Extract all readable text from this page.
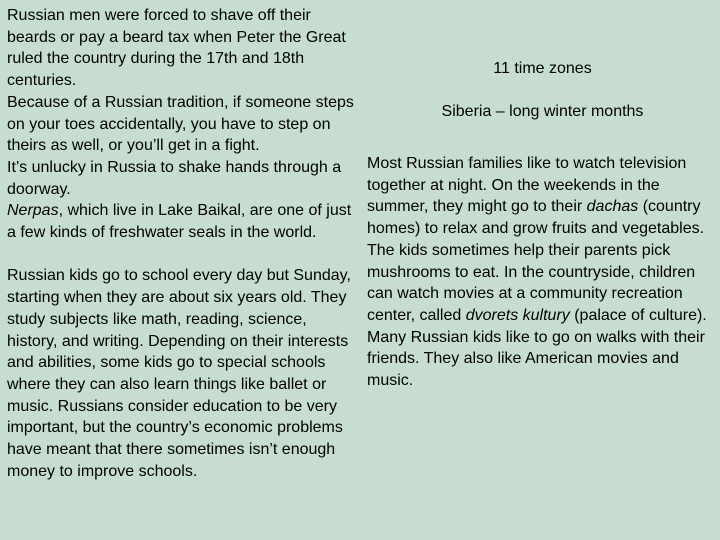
Russian men were forced to shave off their beards or pay a beard tax when Peter the Great ruled the country during the 17th and 18th centuries.

Because of a Russian tradition, if someone steps on your toes accidentally, you have to step on theirs as well, or you’ll get in a fight.

It’s unlucky in Russia to shake hands through a doorway.

Nerpas, which live in Lake Baikal, are one of just a few kinds of freshwater seals in the world.

Russian kids go to school every day but Sunday, starting when they are about six years old. They study subjects like math, reading, science, history, and writing. Depending on their interests and abilities, some kids go to special schools where they can also learn things like ballet or music. Russians consider education to be very important, but the country’s economic problems have meant that there sometimes isn’t enough money to improve schools.

11 time zones
Siberia – long winter months

Most Russian families like to watch television together at night. On the weekends in the summer, they might go to their dachas (country homes) to relax and grow fruits and vegetables. The kids sometimes help their parents pick mushrooms to eat. In the countryside, children can watch movies at a community recreation center, called dvorets kultury (palace of culture). Many Russian kids like to go on walks with their friends. They also like American movies and music.
